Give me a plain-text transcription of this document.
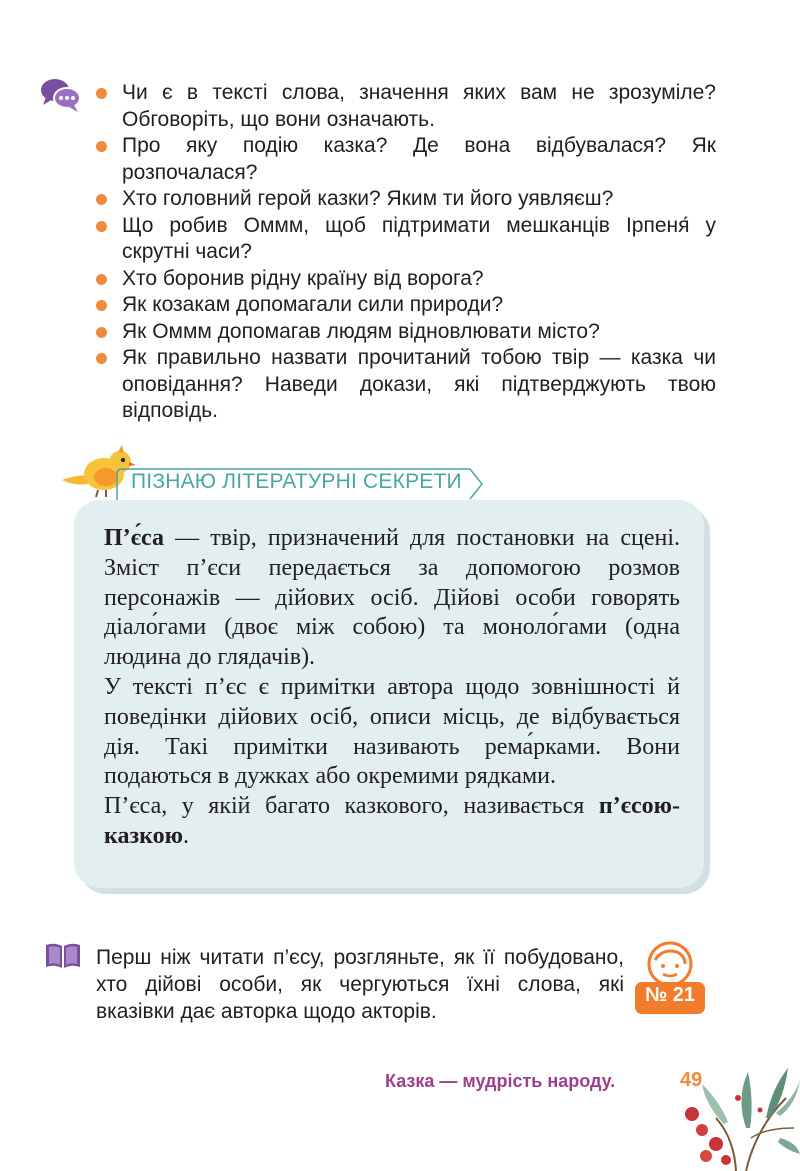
Чи є в тексті слова, значення яких вам не зрозуміле? Обговоріть, що вони означають.

Про яку подію казка? Де вона відбувалася? Як розпочалася?

Хто головний герой казки? Яким ти його уявляєш?

Що робив Оммм, щоб підтримати мешканців Ірпеня́ у скрутні часи?

Хто боронив рідну країну від ворога?

Як козакам допомагали сили природи?

Як Оммм допомагав людям відновлювати місто?

Як правильно назвати прочитаний тобою твір — казка чи оповідання? Наведи докази, які підтверджують твою відповідь.

ПІЗНАЮ ЛІТЕРАТУРНІ СЕКРЕТИ

П’є́са — твір, призначений для постановки на сцені. Зміст п’єси передається за допомогою розмов персонажів — дійових осіб. Дійові особи говорять діало́гами (двоє між собою) та моноло́гами (одна людина до глядачів).

У тексті п’єс є примітки автора щодо зовнішності й поведінки дійових осіб, описи місць, де відбувається дія. Такі примітки називають рема́рками. Вони подаються в дужках або окремими рядками.

П’єса, у якій багато казкового, називається п’єсою-казкою.

Перш ніж читати п’єсу, розгляньте, як її побудовано, хто дійові особи, як чергуються їхні слова, які вказівки дає авторка щодо акторів.
№ 21
Казка — мудрість народу.	49
